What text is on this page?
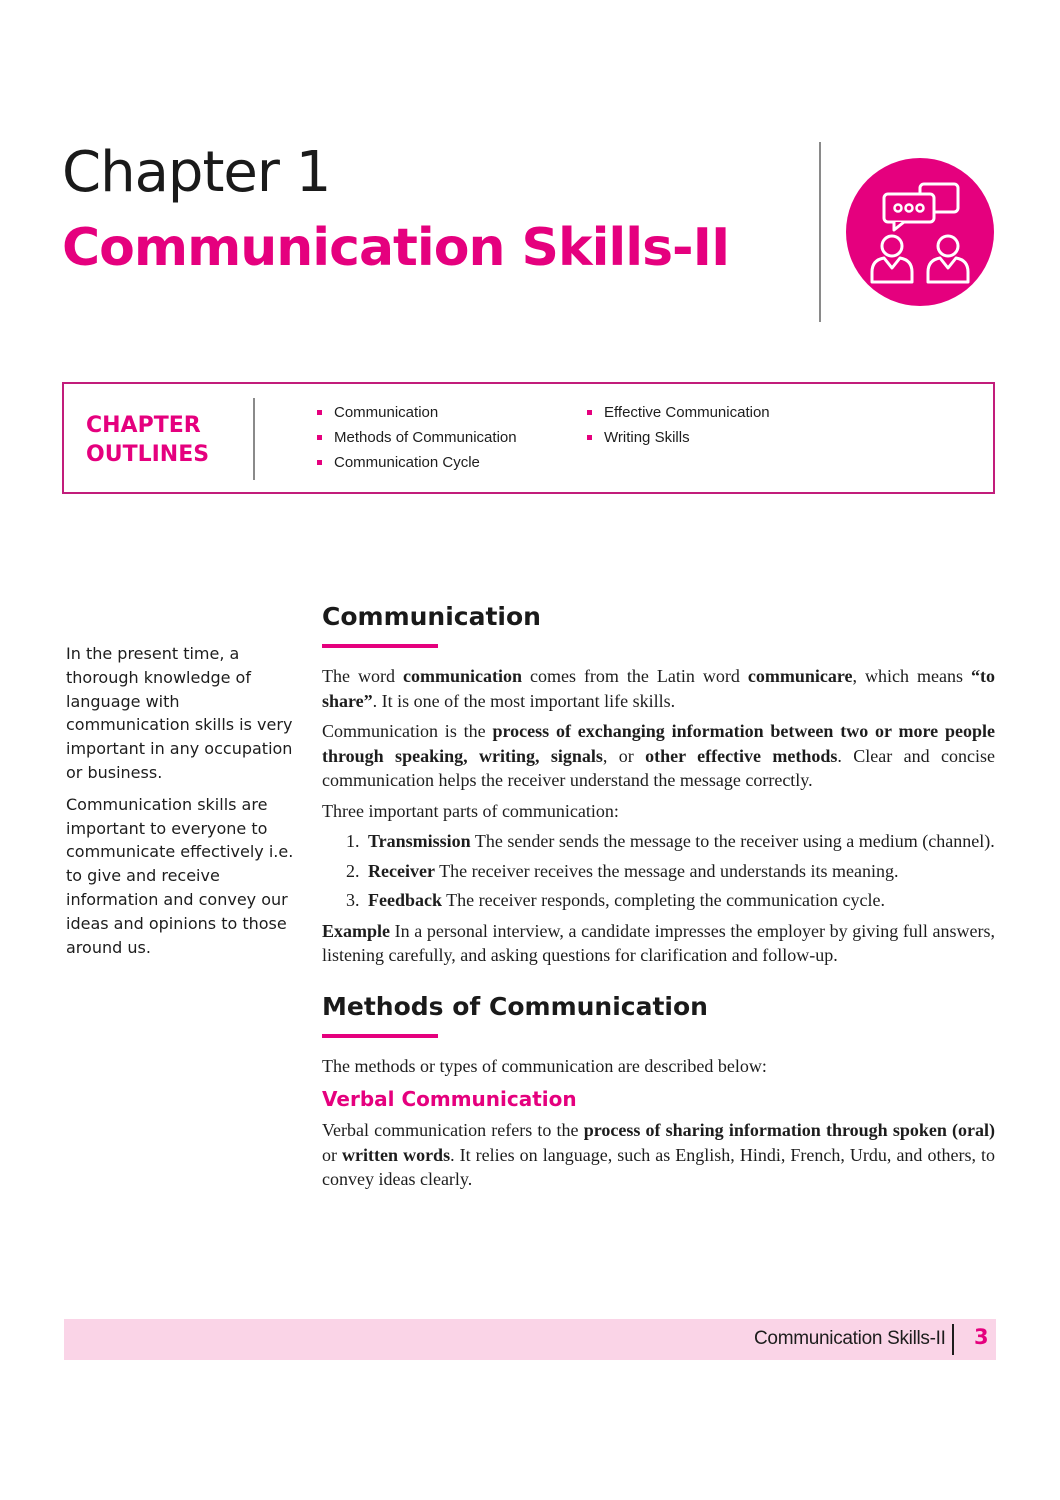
Chapter 1
Communication Skills-II
CHAPTER
OUTLINES
Communication
Methods of Communication
Communication Cycle
Effective Communication
Writing Skills

In the present time, a thorough knowledge of language with communication skills is very important in any occupation or business.

Communication skills are important to everyone to communicate effectively i.e. to give and receive information and convey our ideas and opinions to those around us.

Communication

The word communication comes from the Latin word communicare, which means “to share”. It is one of the most important life skills.

Communication is the process of exchanging information between two or more people through speaking, writing, signals, or other effective methods. Clear and concise communication helps the receiver understand the message correctly.

Three important parts of communication:

1. Transmission The sender sends the message to the receiver using a medium (channel).
2. Receiver The receiver receives the message and understands its meaning.
3. Feedback The receiver responds, completing the communication cycle.

Example In a personal interview, a candidate impresses the employer by giving full answers, listening carefully, and asking questions for clarification and follow-up.

Methods of Communication

The methods or types of communication are described below:

Verbal Communication

Verbal communication refers to the process of sharing information through spoken (oral) or written words. It relies on language, such as English, Hindi, French, Urdu, and others, to convey ideas clearly.

Communication Skills-II 3
